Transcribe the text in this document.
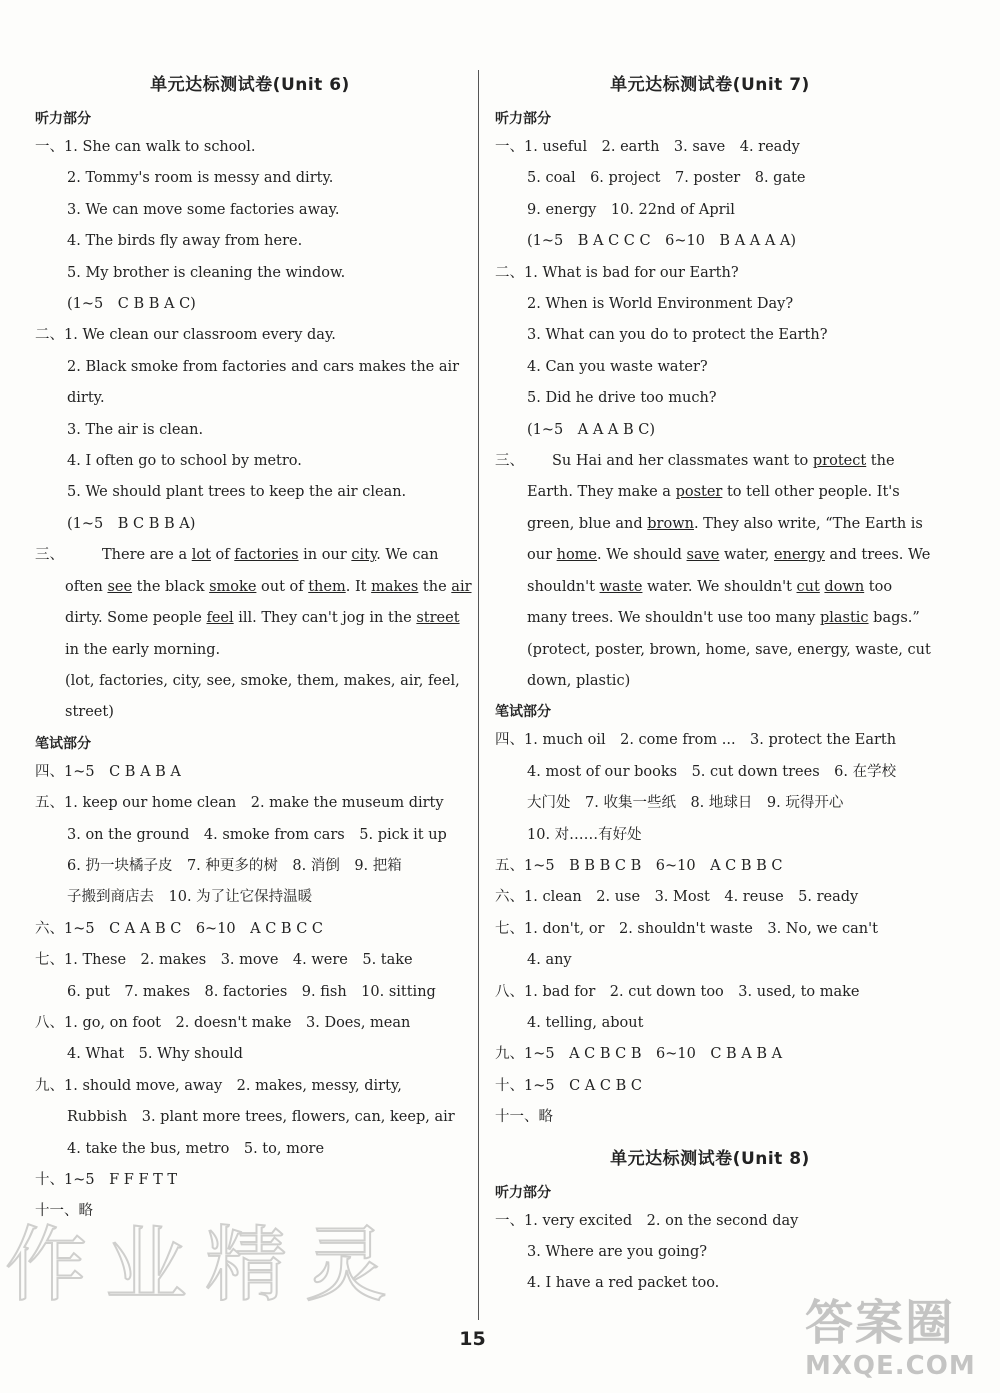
单元达标测试卷(Unit 6)
听力部分
一、1. She can walk to school.
2. Tommy's room is messy and dirty.
3. We can move some factories away.
4. The birds fly away from here.
5. My brother is cleaning the window.
(1~5　C B B A C)
二、1. We clean our classroom every day.
2. Black smoke from factories and cars makes the air
dirty.
3. The air is clean.
4. I often go to school by metro.
5. We should plant trees to keep the air clean.
(1~5　B C B B A)
三、	There are a lot of factories in our city. We can
often see the black smoke out of them. It makes the air
dirty. Some people feel ill. They can't jog in the street
in the early morning.
(lot, factories, city, see, smoke, them, makes, air, feel,
street)
笔试部分
四、1~5　C B A B A
五、1. keep our home clean　2. make the museum dirty
3. on the ground　4. smoke from cars　5. pick it up
6. 扔一块橘子皮　7. 种更多的树　8. 消倒　9. 把箱
子搬到商店去　10. 为了让它保持温暖
六、1~5　C A A B C　6~10　A C B C C
七、1. These　2. makes　3. move　4. were　5. take
6. put　7. makes　8. factories　9. fish　10. sitting
八、1. go, on foot　2. doesn't make　3. Does, mean
4. What　5. Why should
九、1. should move, away　2. makes, messy, dirty,
Rubbish　3. plant more trees, flowers, can, keep, air
4. take the bus, metro　5. to, more
十、1~5　F F F T T
十一、略
单元达标测试卷(Unit 7)
听力部分
一、1. useful　2. earth　3. save　4. ready
5. coal　6. project　7. poster　8. gate
9. energy　10. 22nd of April
(1~5　B A C C C　6~10　B A A A A)
二、1. What is bad for our Earth?
2. When is World Environment Day?
3. What can you do to protect the Earth?
4. Can you waste water?
5. Did he drive too much?
(1~5　A A A B C)
三、 Su Hai and her classmates want to protect the
Earth. They make a poster to tell other people. It's
green, blue and brown. They also write, “The Earth is
our home. We should save water, energy and trees. We
shouldn't waste water. We shouldn't cut down too
many trees. We shouldn't use too many plastic bags.”
(protect, poster, brown, home, save, energy, waste, cut
down, plastic)
笔试部分
四、1. much oil　2. come from ...　3. protect the Earth
4. most of our books　5. cut down trees　6. 在学校
大门处　7. 收集一些纸　8. 地球日　9. 玩得开心
10. 对……有好处
五、1~5　B B B C B　6~10　A C B B C
六、1. clean　2. use　3. Most　4. reuse　5. ready
七、1. don't, or　2. shouldn't waste　3. No, we can't
4. any
八、1. bad for　2. cut down too　3. used, to make
4. telling, about
九、1~5　A C B C B　6~10　C B A B A
十、1~5　C A C B C
十一、略
单元达标测试卷(Unit 8)
听力部分
一、1. very excited　2. on the second day
3. Where are you going?
4. I have a red packet too.
15
作业精灵
答案圈
MXQE.COM
